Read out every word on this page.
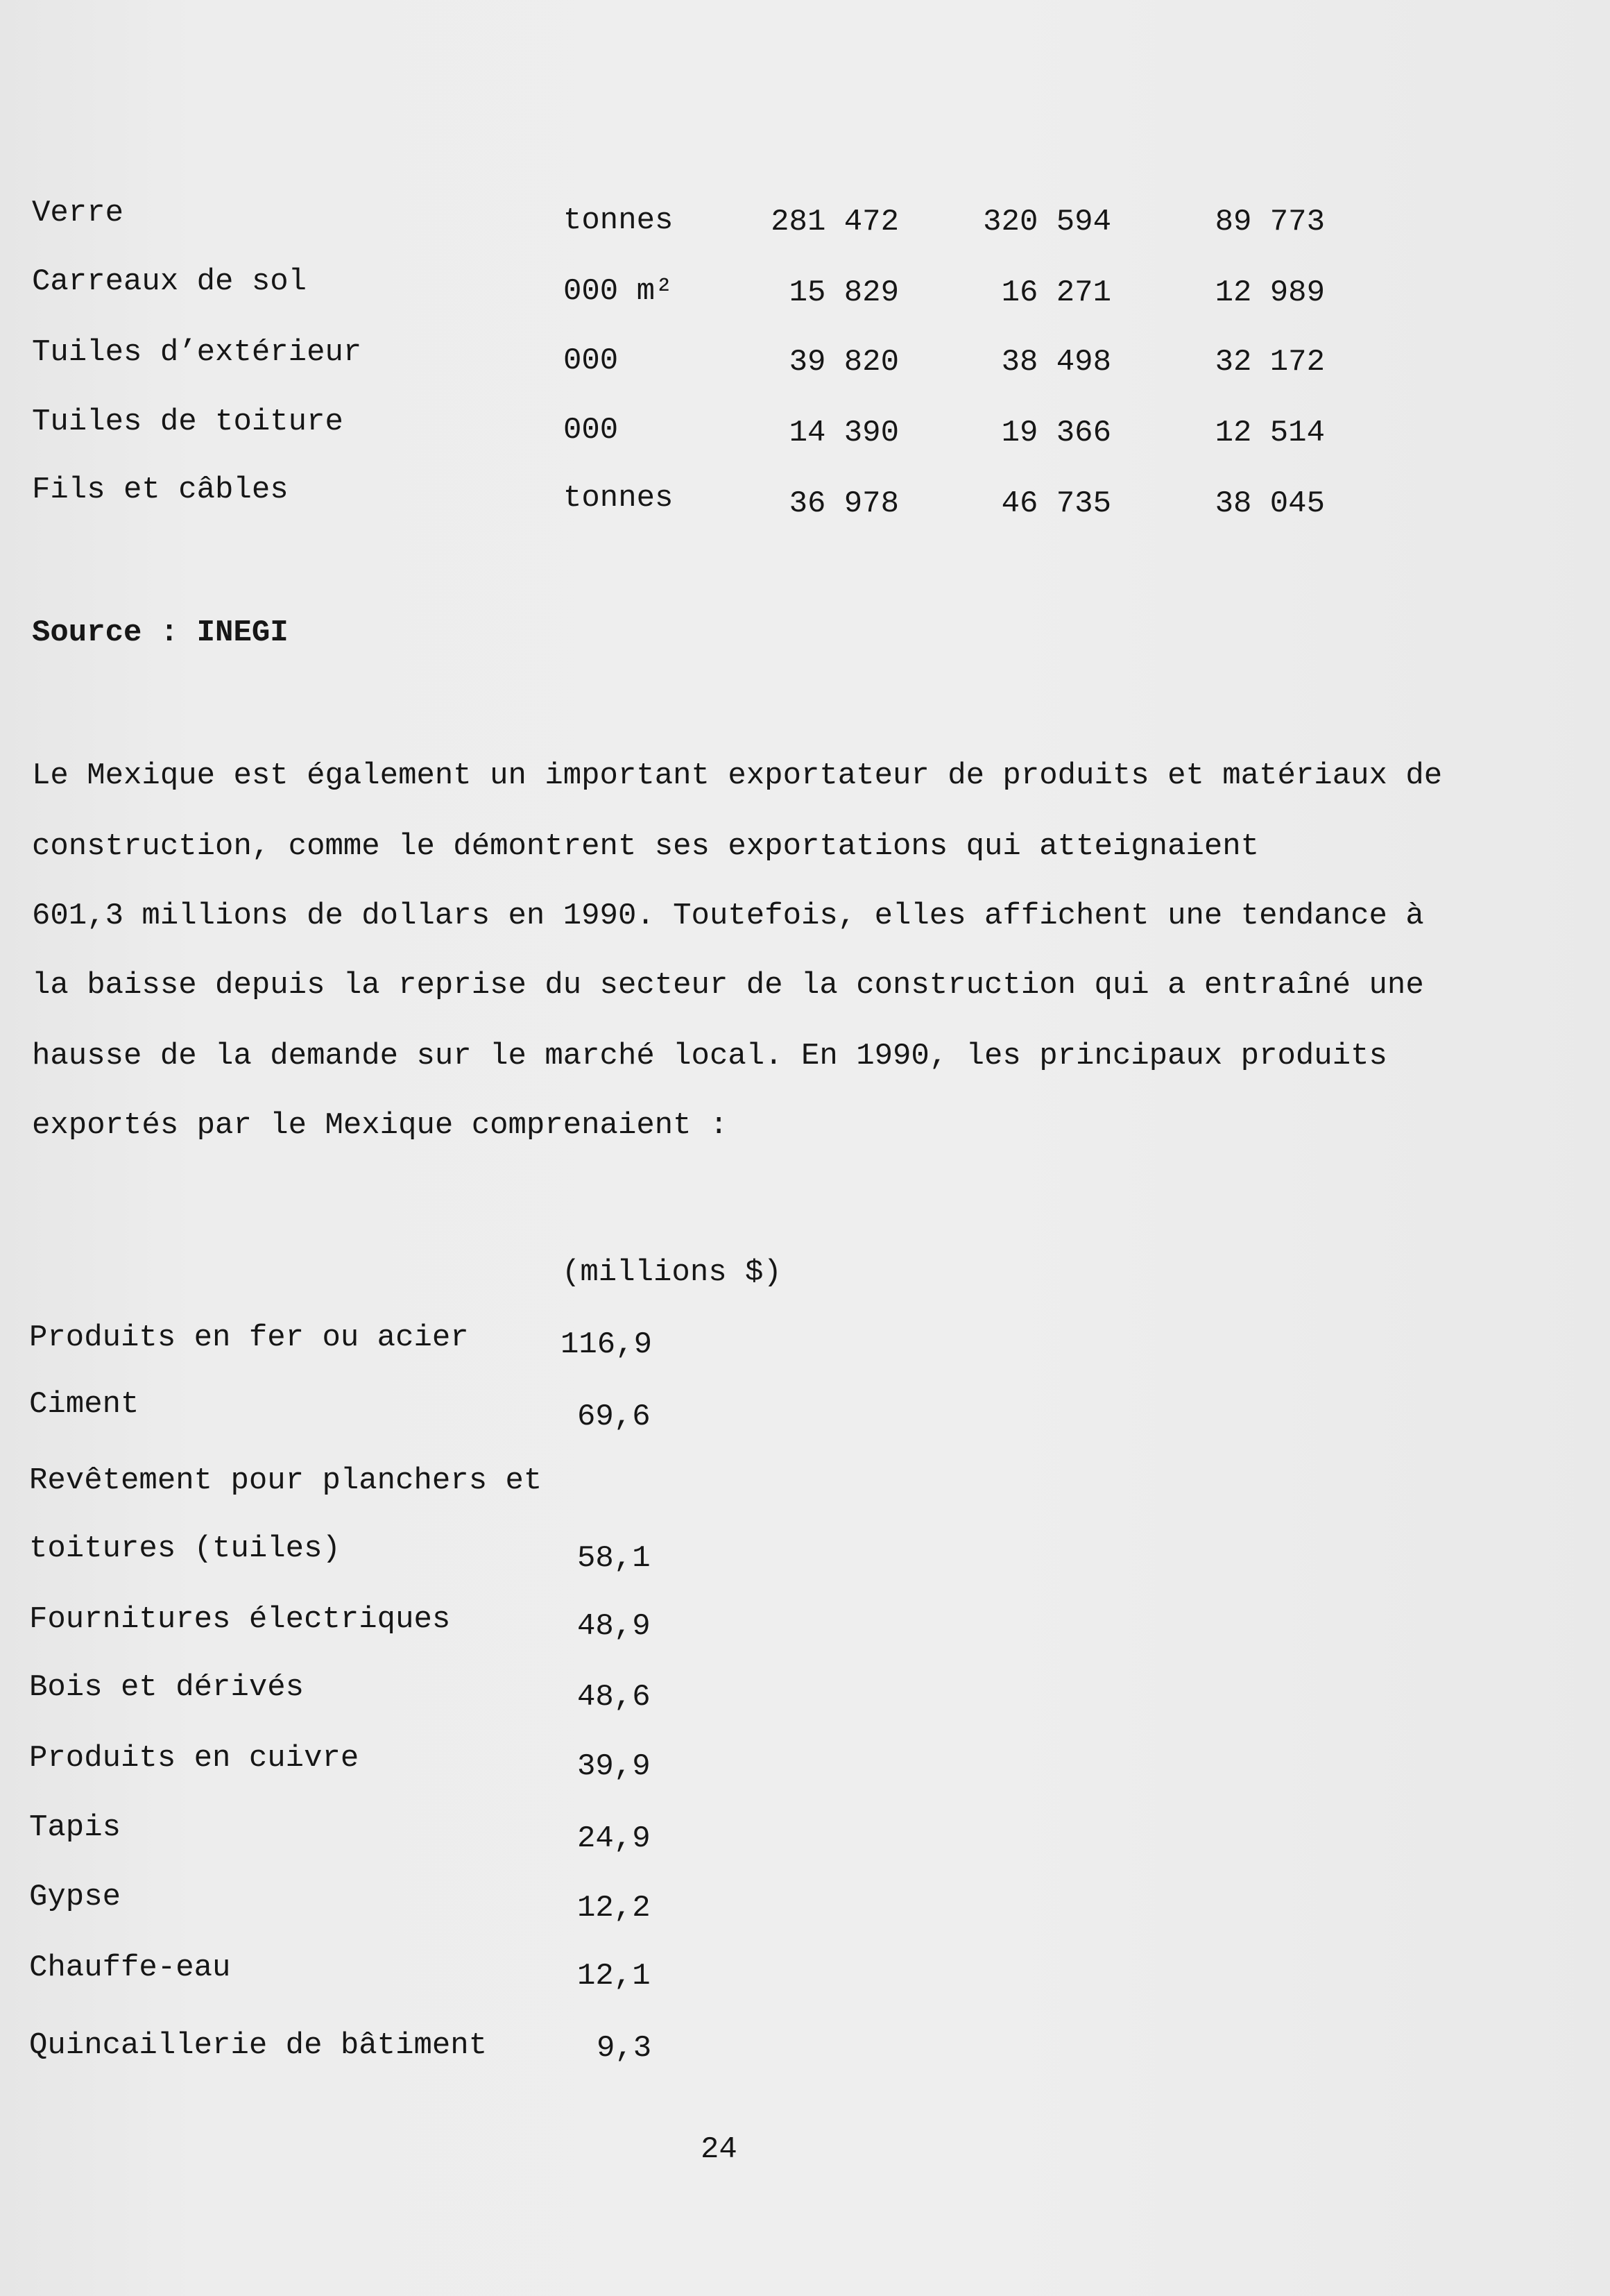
Verre	tonnes	281 472	320 594	89 773
Carreaux de sol	000 m²	15 829	16 271	12 989
Tuiles d’extérieur	000	39 820	38 498	32 172
Tuiles de toiture	000	14 390	19 366	12 514
Fils et câbles	tonnes	36 978	46 735	38 045
Source : INEGI
Le Mexique est également un important exportateur de produits et matériaux de
construction, comme le démontrent ses exportations qui atteignaient
601,3 millions de dollars en 1990. Toutefois, elles affichent une tendance à
la baisse depuis la reprise du secteur de la construction qui a entraîné une
hausse de la demande sur le marché local. En 1990, les principaux produits
exportés par le Mexique comprenaient :
(millions $)
Produits en fer ou acier	116,9
Ciment	69,6
Revêtement pour planchers et
toitures (tuiles)	58,1
Fournitures électriques	48,9
Bois et dérivés	48,6
Produits en cuivre	39,9
Tapis	24,9
Gypse	12,2
Chauffe-eau	12,1
Quincaillerie de bâtiment	9,3
24
